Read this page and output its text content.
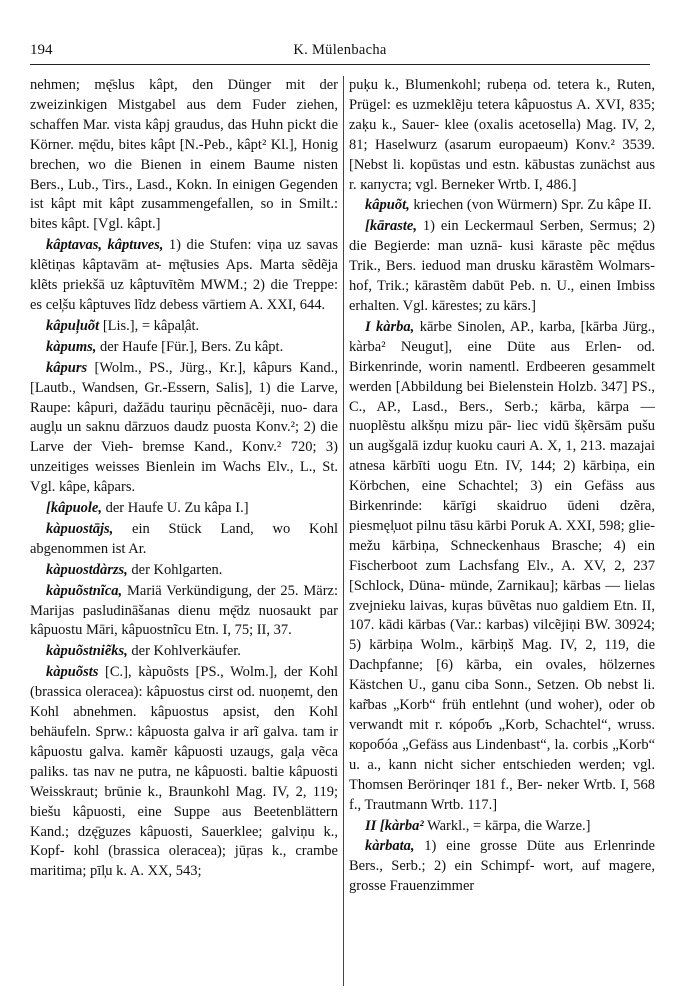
194	K. Mülenbacha

nehmen; mę̄slus kâpt, den Dünger mit der zweizinkigen Mistgabel aus dem Fuder ziehen, schaffen Mar. vista kâpj graudus, das Huhn pickt die Körner. mę̄du, bites kâpt [N.-Peb., kâpt² Kl.], Honig brechen, wo die Bienen in einem Baume nisten Bers., Lub., Tirs., Lasd., Kokn. In einigen Gegenden ist kâpt mit kâpt zusammengefallen, so in Smilt.: bites kâpt. [Vgl. kâpt.]

kâptavas, kâptuves, 1) die Stufen: viņa uz savas klẽtiņas kâptavām at- mę̄tusies Aps. Marta sẽdẽja klẽts priekšā uz kâptuvītẽm MWM.; 2) die Treppe: es cel̦šu kâptuves lĩdz debess vārtiem A. XXI, 644.

kâpul̦uõt [Lis.], = kâpal̦ât.

kàpums, der Haufe [Für.], Bers. Zu kâpt.

kâpurs [Wolm., PS., Jürg., Kr.], kâpurs Kand., [Lautb., Wandsen, Gr.-Essern, Salis], 1) die Larve, Raupe: kâpuri, dažādu tauriņu pẽcnācẽji, nuo- dara augl̦u un saknu dārzuos daudz puosta Konv.²; 2) die Larve der Vieh- bremse Kand., Konv.² 720; 3) unzeitiges weisses Bienlein im Wachs Elv., L., St. Vgl. kâpe, kâpars.

[kâpuole, der Haufe U. Zu kâpa I.]

kàpuostājs, ein Stück Land, wo Kohl abgenommen ist Ar.

kàpuostdàrzs, der Kohlgarten.

kàpuõstnĩca, Mariä Verkündigung, der 25. März: Marijas pasludināšanas dienu mę̄dz nuosaukt par kâpuostu Māri, kâpuostnĩcu Etn. I, 75; II, 37.

kàpuõstniẽks, der Kohlverkäufer.

kàpuõsts [C.], kàpuõsts [PS., Wolm.], der Kohl (brassica oleracea): kâpuostus cirst od. nuoņemt, den Kohl abnehmen. kâpuostus apsist, den Kohl behäufeln. Sprw.: kâpuosta galva ir arĩ galva. tam ir kâpuostu galva. kamẽr kâpuosti uzaugs, gal̦a vẽca paliks. tas nav ne putra, ne kâpuosti. baltie kâpuosti Weisskraut; brūnie k., Braunkohl Mag. IV, 2, 119; biešu kâpuosti, eine Suppe aus Beetenblättern Kand.; dzę̄guzes kâpuosti, Sauerklee; galviņu k., Kopf- kohl (brassica oleracea); jūŗas k., crambe maritima; pīl̦u k. A. XX, 543;

puķu k., Blumenkohl; rubeņa od. tetera k., Ruten, Prügel: es uzmeklẽju tetera kâpuostus A. XVI, 835; zaķu k., Sauer- klee (oxalis acetosella) Mag. IV, 2, 81; Haselwurz (asarum europaeum) Konv.² 3539. [Nebst li. kopūstas und estn. kābustas zunächst aus r. капуста; vgl. Berneker Wrtb. I, 486.]

kâpuõt, kriechen (von Würmern) Spr. Zu kâpe II.

[kāraste, 1) ein Leckermaul Serben, Sermus; 2) die Begierde: man uznā- kusi kāraste pẽc mę̄dus Trik., Bers. ieduod man drusku kārastẽm Wolmars- hof, Trik.; kārastẽm dabūt Peb. n. U., einen Imbiss erhalten. Vgl. kārestes; zu kārs.]

I kàrba, kārbe Sinolen, AP., karba, [kārba Jürg., kàrba² Neugut], eine Düte aus Erlen- od. Birkenrinde, worin namentl. Erdbeeren gesammelt werden [Abbildung bei Bielenstein Holzb. 347] PS., C., AP., Lasd., Bers., Serb.; kārba, kārpa — nuoplẽstu alkšņu mizu pār- liec vidū šķẽrsām pušu un augšgalā izduŗ kuoku cauri A. X, 1, 213. mazajai atnesa kārbīti uogu Etn. IV, 144; 2) kārbiņa, ein Körbchen, eine Schachtel; 3) ein Gefäss aus Birkenrinde: kārīgi skaidruo ūdeni dzẽra, piesmęl̦uot pilnu tāsu kārbi Poruk A. XXI, 598; glie- mežu kārbiņa, Schneckenhaus Brasche; 4) ein Fischerboot zum Lachsfang Elv., A. XV, 2, 237 [Schlock, Düna- münde, Zarnikau]; kārbas — lielas zvejnieku laivas, kuŗas būvẽtas nuo galdiem Etn. II, 107. kādi kārbas (Var.: karbas) vilcẽjiņi BW. 30924; 5) kārbiņa Wolm., kārbiņš Mag. IV, 2, 119, die Dachpfanne; [6) kārba, ein ovales, hölzernes Kästchen U., ganu ciba Sonn., Setzen. Ob nebst li. kar̃bas „Korb“ früh entlehnt (und woher), oder ob verwandt mit r. кóробъ „Korb, Schachtel“, wruss. коробóа „Gefäss aus Lindenbast“, la. corbis „Korb“ u. a., kann nicht sicher entschieden werden; vgl. Thomsen Berörinqer 181 f., Ber- neker Wrtb. I, 568 f., Trautmann Wrtb. 117.]

II [kàrba² Warkl., = kārpa, die Warze.]

kàrbata, 1) eine grosse Düte aus Erlenrinde Bers., Serb.; 2) ein Schimpf- wort, auf magere, grosse Frauenzimmer
